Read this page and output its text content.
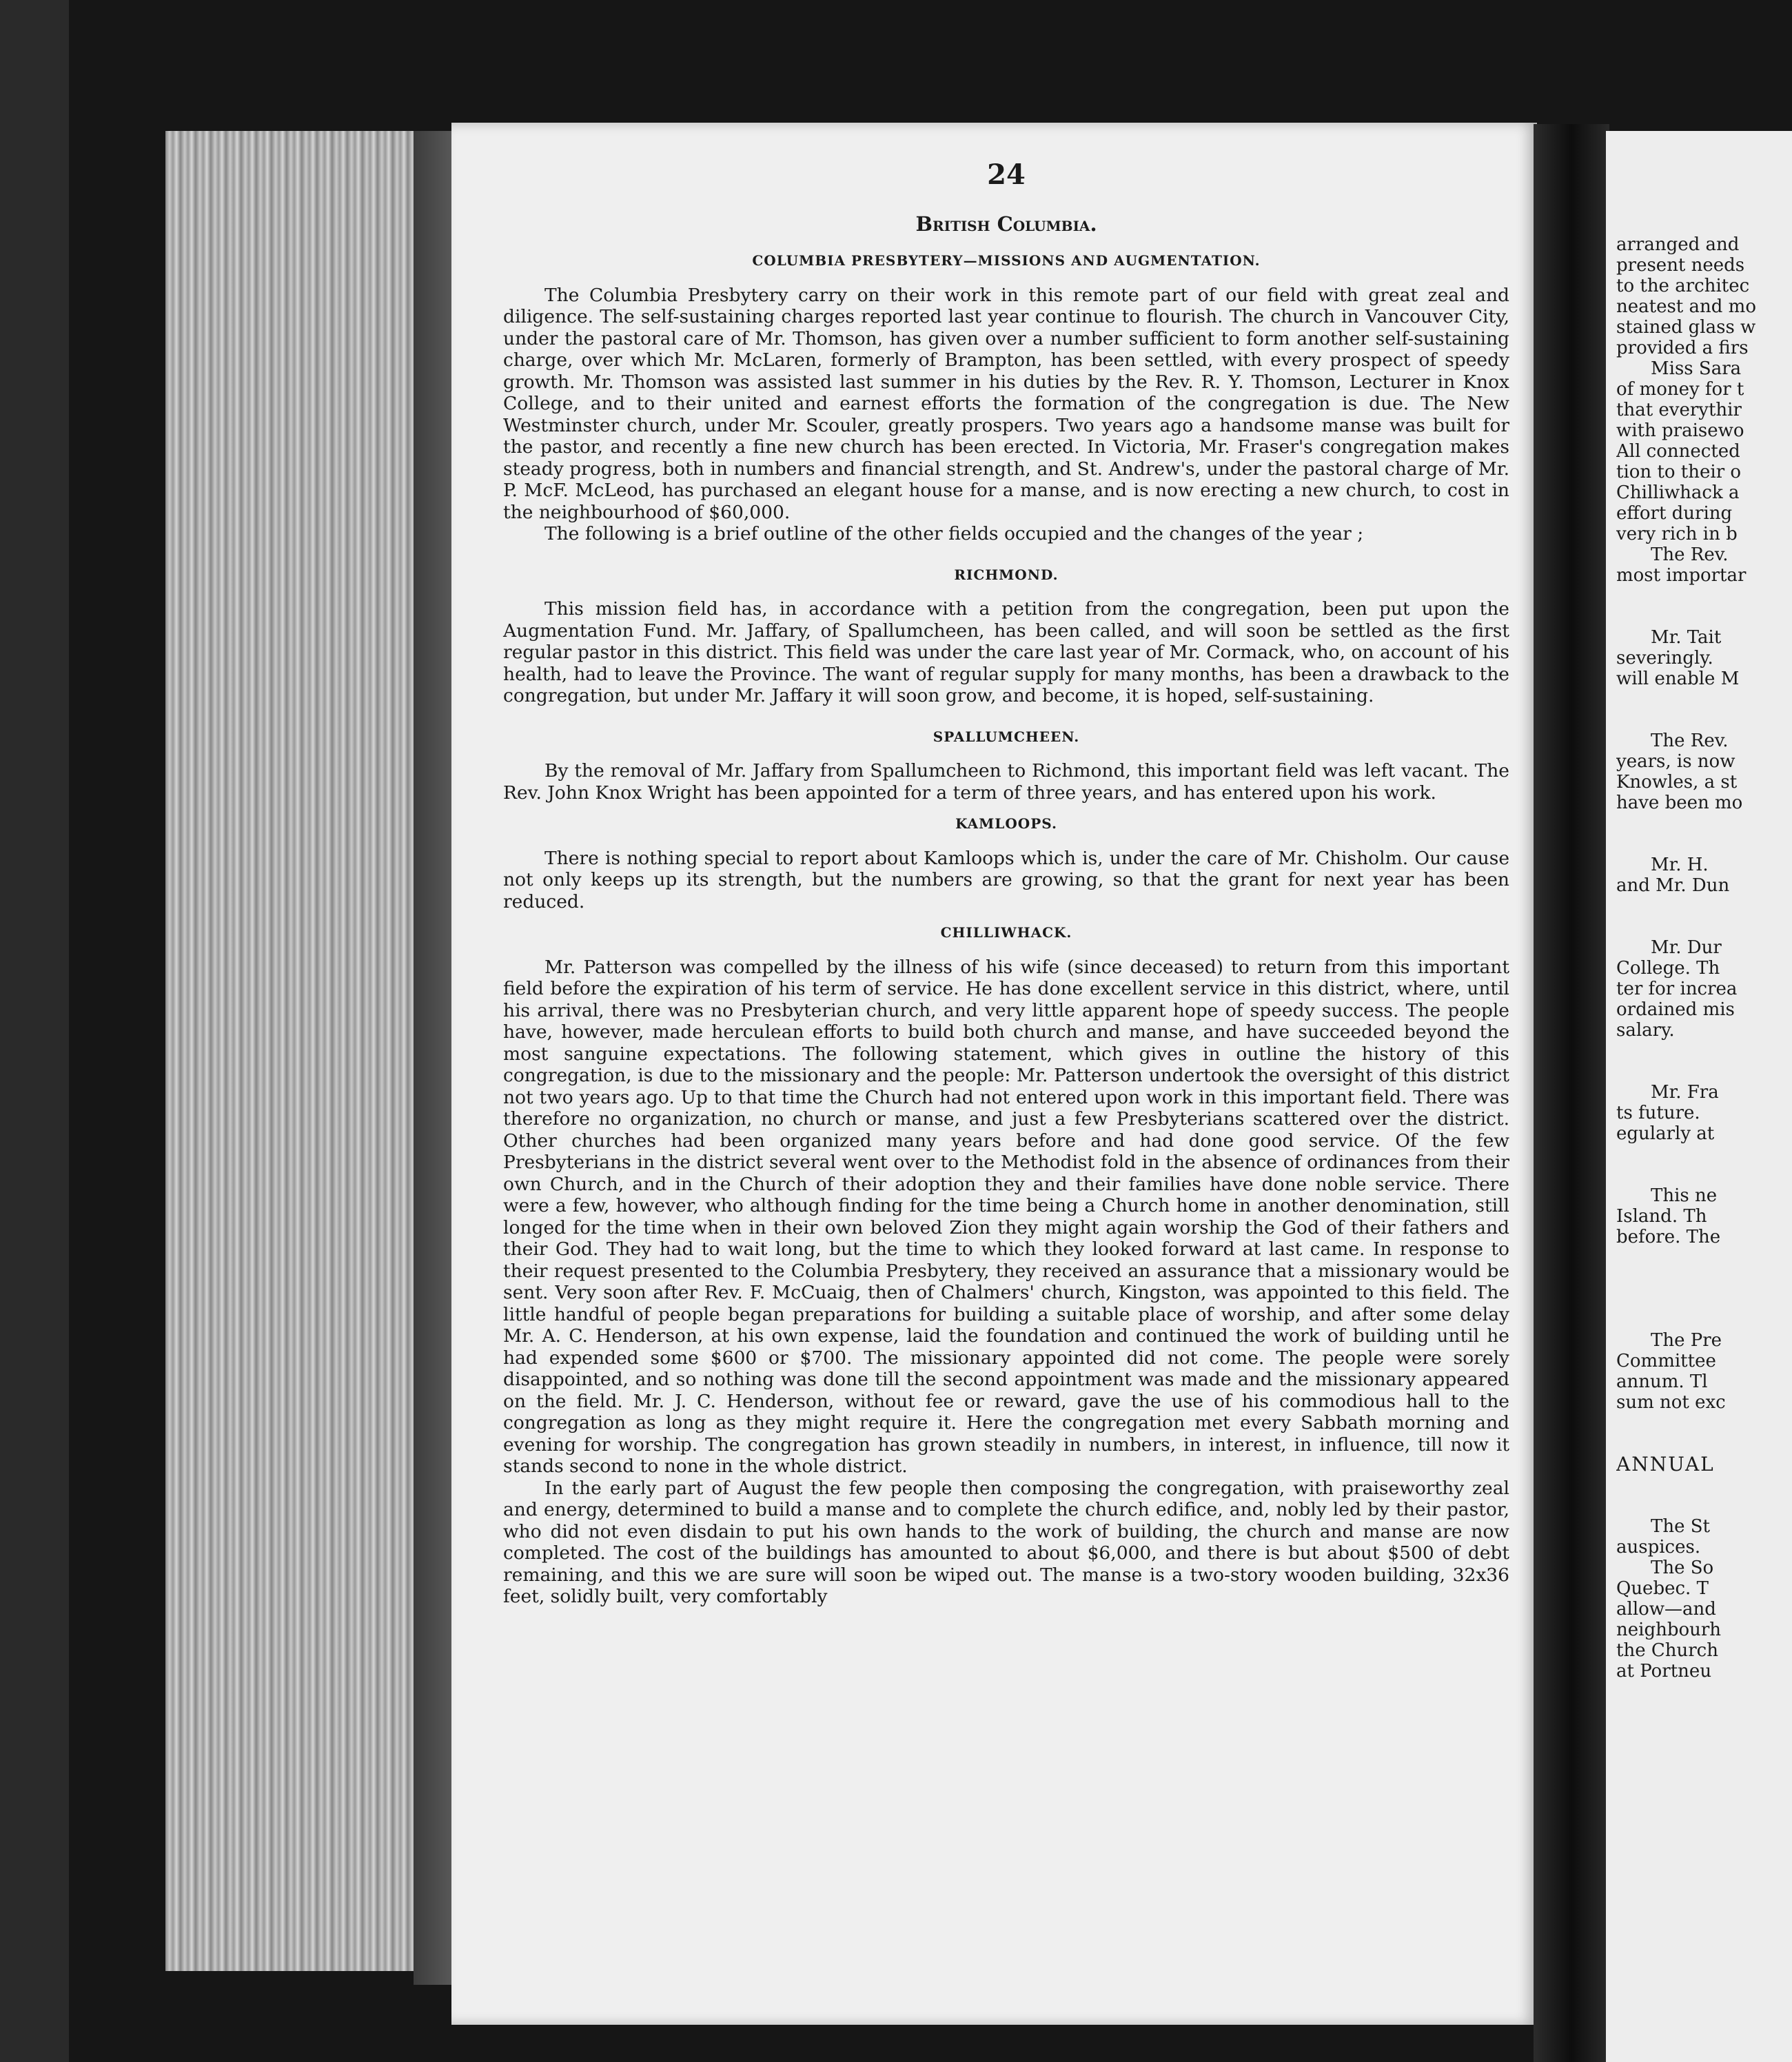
24
British Columbia.
COLUMBIA PRESBYTERY—MISSIONS AND AUGMENTATION.

The Columbia Presbytery carry on their work in this remote part of our field with great zeal and diligence. The self-sustaining charges reported last year continue to flourish. The church in Vancouver City, under the pastoral care of Mr. Thomson, has given over a number sufficient to form another self-sustaining charge, over which Mr. McLaren, formerly of Brampton, has been settled, with every prospect of speedy growth. Mr. Thomson was assisted last summer in his duties by the Rev. R. Y. Thomson, Lecturer in Knox College, and to their united and earnest efforts the formation of the congregation is due. The New Westminster church, under Mr. Scouler, greatly prospers. Two years ago a handsome manse was built for the pastor, and recently a fine new church has been erected. In Victoria, Mr. Fraser's congregation makes steady progress, both in numbers and financial strength, and St. Andrew's, under the pastoral charge of Mr. P. McF. McLeod, has purchased an elegant house for a manse, and is now erecting a new church, to cost in the neighbourhood of $60,000.

The following is a brief outline of the other fields occupied and the changes of the year ;

RICHMOND.

This mission field has, in accordance with a petition from the congregation, been put upon the Augmentation Fund. Mr. Jaffary, of Spallumcheen, has been called, and will soon be settled as the first regular pastor in this district. This field was under the care last year of Mr. Cormack, who, on account of his health, had to leave the Province. The want of regular supply for many months, has been a drawback to the congregation, but under Mr. Jaffary it will soon grow, and become, it is hoped, self-sustaining.

SPALLUMCHEEN.

By the removal of Mr. Jaffary from Spallumcheen to Richmond, this important field was left vacant. The Rev. John Knox Wright has been appointed for a term of three years, and has entered upon his work.

KAMLOOPS.

There is nothing special to report about Kamloops which is, under the care of Mr. Chisholm. Our cause not only keeps up its strength, but the numbers are growing, so that the grant for next year has been reduced.

CHILLIWHACK.

Mr. Patterson was compelled by the illness of his wife (since deceased) to return from this important field before the expiration of his term of service. He has done excellent service in this district, where, until his arrival, there was no Presbyterian church, and very little apparent hope of speedy success. The people have, however, made herculean efforts to build both church and manse, and have succeeded beyond the most sanguine expectations. The following statement, which gives in outline the history of this congregation, is due to the missionary and the people: Mr. Patterson undertook the oversight of this district not two years ago. Up to that time the Church had not entered upon work in this important field. There was therefore no organization, no church or manse, and just a few Presbyterians scattered over the district. Other churches had been organized many years before and had done good service. Of the few Presbyterians in the district several went over to the Methodist fold in the absence of ordinances from their own Church, and in the Church of their adoption they and their families have done noble service. There were a few, however, who although finding for the time being a Church home in another denomination, still longed for the time when in their own beloved Zion they might again worship the God of their fathers and their God. They had to wait long, but the time to which they looked forward at last came. In response to their request presented to the Columbia Presbytery, they received an assurance that a missionary would be sent. Very soon after Rev. F. McCuaig, then of Chalmers' church, Kingston, was appointed to this field. The little handful of people began preparations for building a suitable place of worship, and after some delay Mr. A. C. Henderson, at his own expense, laid the foundation and continued the work of building until he had expended some $600 or $700. The missionary appointed did not come. The people were sorely disappointed, and so nothing was done till the second appointment was made and the missionary appeared on the field. Mr. J. C. Henderson, without fee or reward, gave the use of his commodious hall to the congregation as long as they might require it. Here the congregation met every Sabbath morning and evening for worship. The congregation has grown steadily in numbers, in interest, in influence, till now it stands second to none in the whole district.

In the early part of August the few people then composing the congregation, with praiseworthy zeal and energy, determined to build a manse and to complete the church edifice, and, nobly led by their pastor, who did not even disdain to put his own hands to the work of building, the church and manse are now completed. The cost of the buildings has amounted to about $6,000, and there is but about $500 of debt remaining, and this we are sure will soon be wiped out. The manse is a two-story wooden building, 32x36 feet, solidly built, very comfortably

arranged and
present needs
to the architec
neatest and mo
stained glass w
provided a firs
Miss Sara
of money for t
that everythir
with praisewo
All connected
tion to their o
Chilliwhack a
effort during
very rich in b
The Rev.
most importar
Mr. Tait
severingly.
will enable M
The Rev.
years, is now
Knowles, a st
have been mo
Mr. H.
and Mr. Dun
Mr. Dur
College. Th
ter for increa
ordained mis
salary.
Mr. Fra
ts future.
egularly at
This ne
Island. Th
before. The
The Pre
Committee
annum. Tl
sum not exc
ANNUAL
The St
auspices.
The So
Quebec. T
allow—and
neighbourh
the Church
at Portneu
